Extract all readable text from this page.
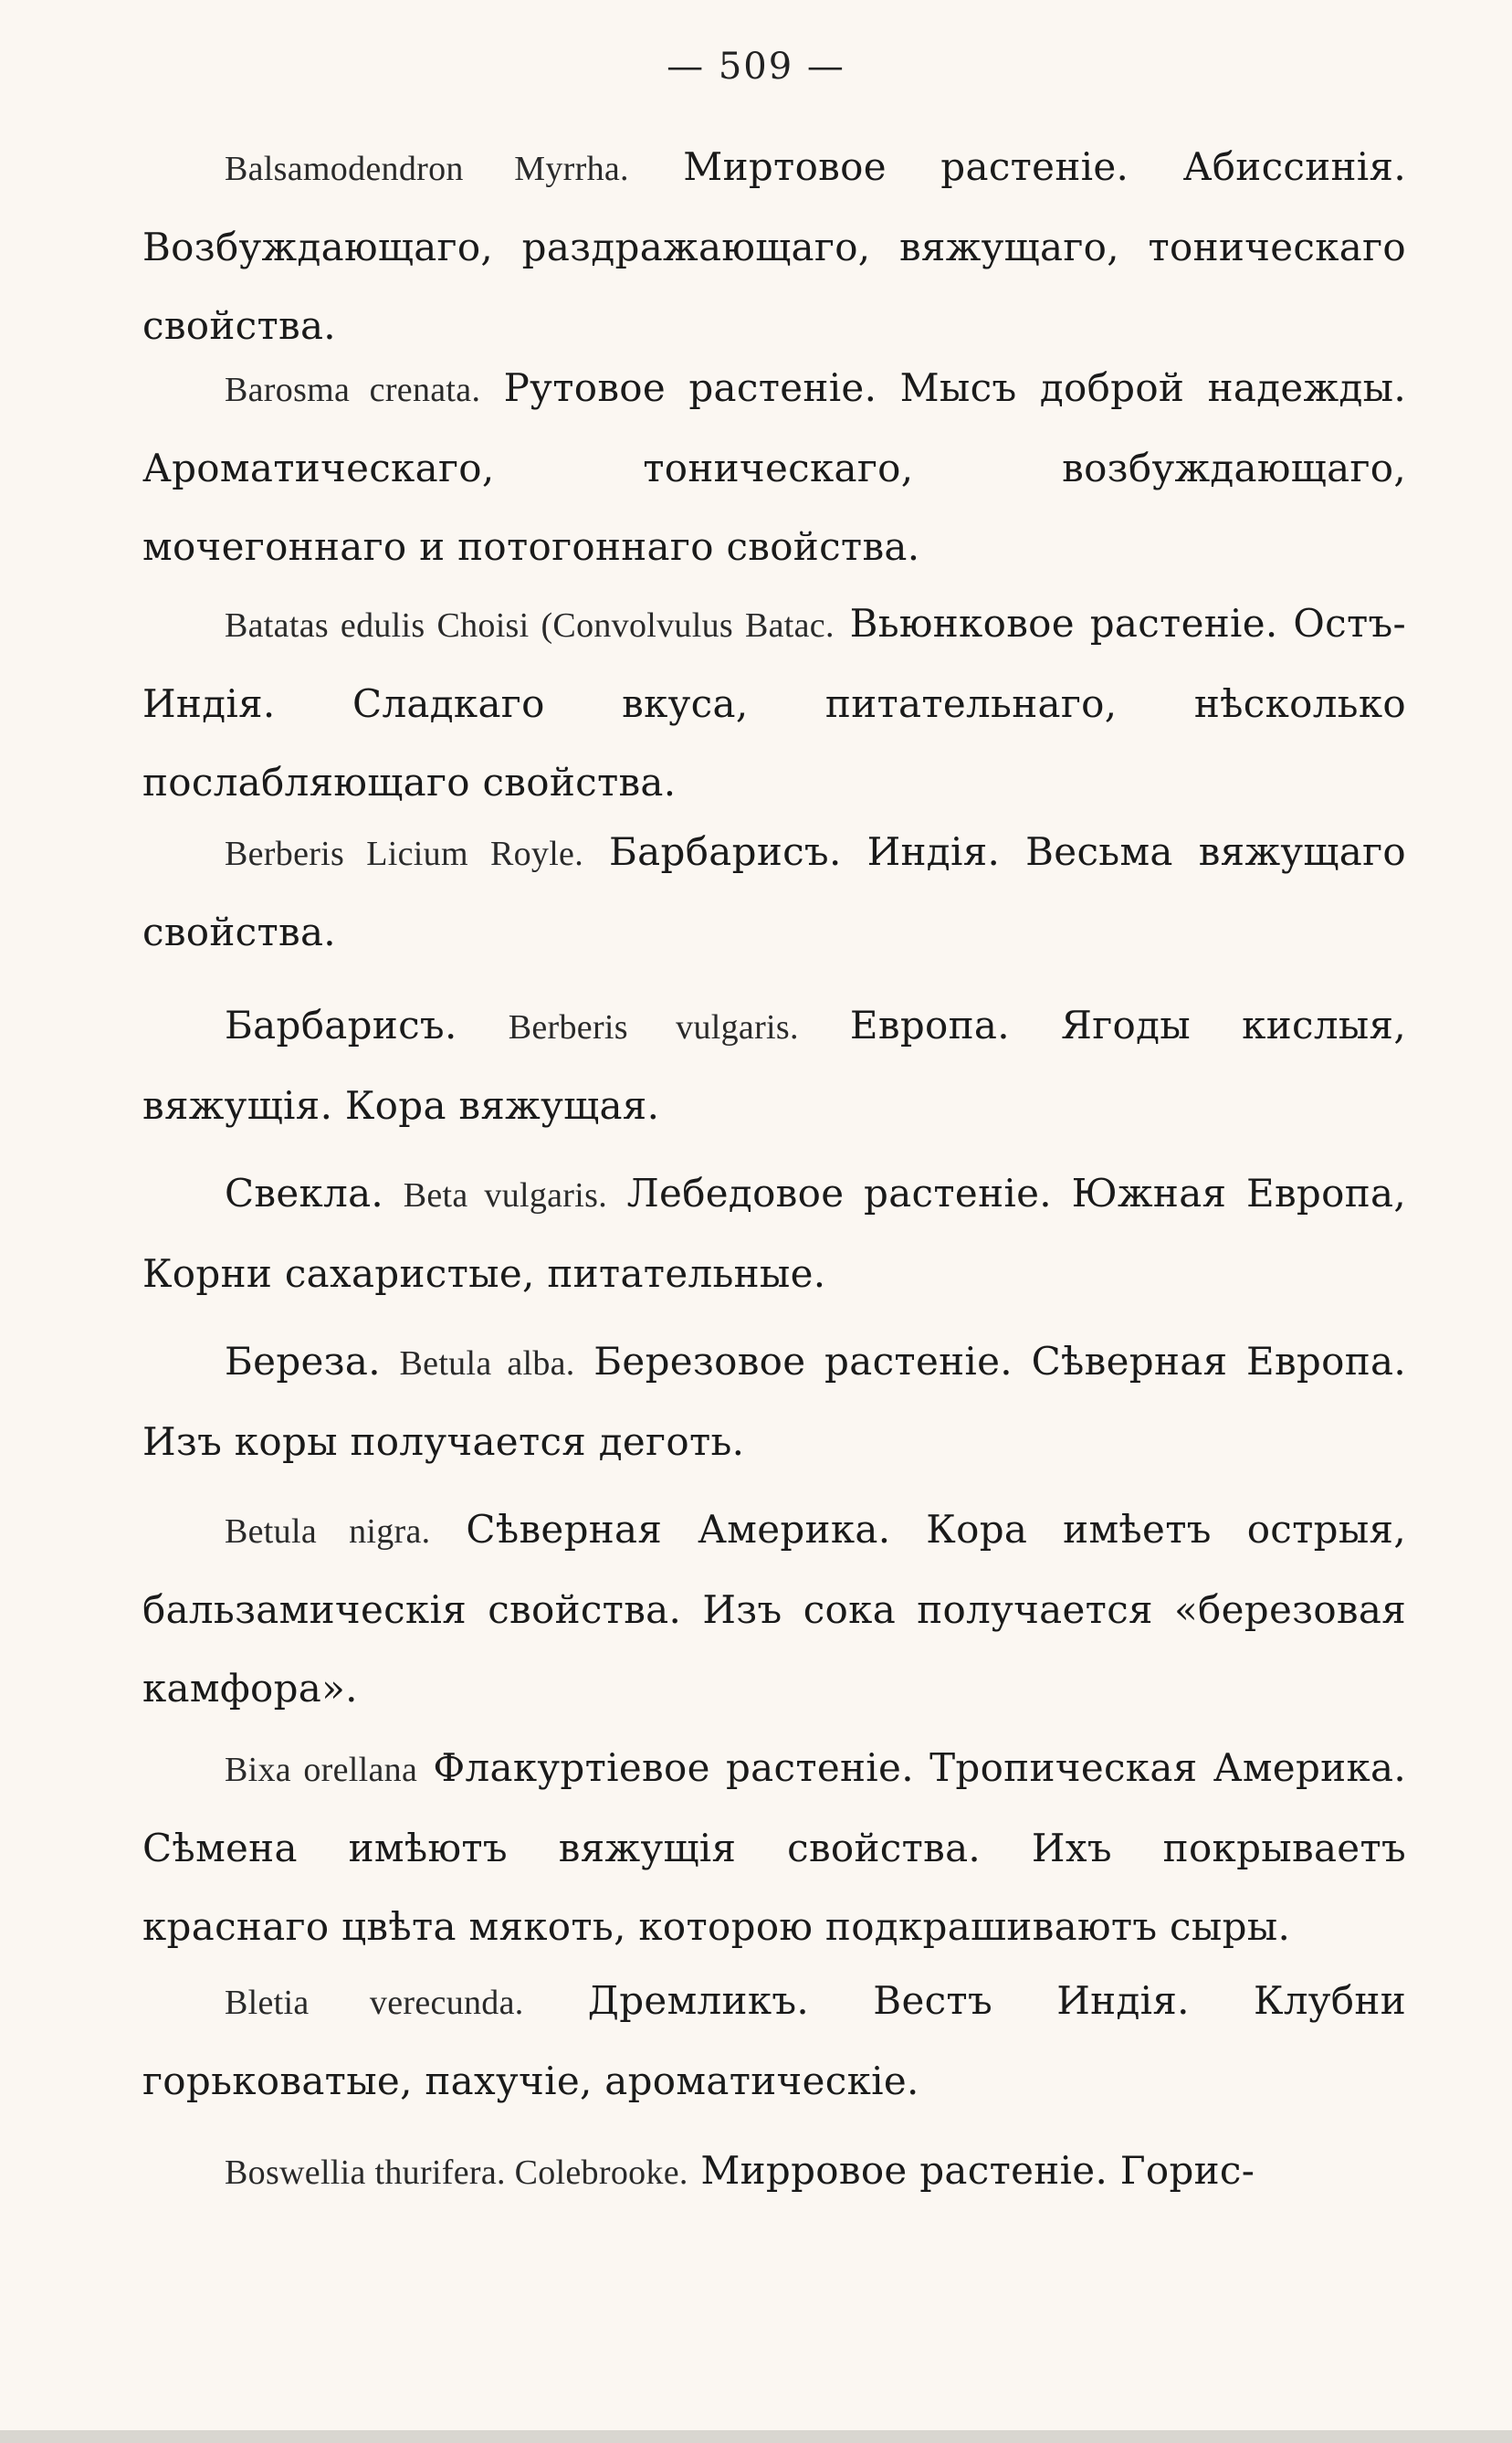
— 509 —

Balsamodendron Myrrha. Миртовое растеніе. Абиссинія. Возбуждающаго, раздражающаго, вяжущаго, тоническаго свойства.

Barosma crenata. Рутовое растеніе. Мысъ доброй надежды. Ароматическаго, тоническаго, возбуждающаго, мочегоннаго и потогоннаго свойства.

Batatas edulis Choisi (Convolvulus Batac. Вьюнковое растеніе. Остъ-Индія. Сладкаго вкуса, питательнаго, нѣсколько послабляющаго свойства.

Berberis Licium Royle. Барбарисъ. Индія. Весьма вяжущаго свойства.

Барбарисъ. Berberis vulgaris. Европа. Ягоды кислыя, вяжущія. Кора вяжущая.

Свекла. Beta vulgaris. Лебедовое растеніе. Южная Европа, Корни сахаристые, питательные.

Береза. Betula alba. Березовое растеніе. Сѣверная Европа. Изъ коры получается деготь.

Betula nigra. Сѣверная Америка. Кора имѣетъ острыя, бальзамическія свойства. Изъ сока получается «березовая камфора».

Bixa orellana Флакуртіевое растеніе. Тропическая Америка. Сѣмена имѣютъ вяжущія свойства. Ихъ покрываетъ краснаго цвѣта мякоть, которою подкрашиваютъ сыры.

Bletia verecunda. Дремликъ. Вестъ Индія. Клубни горьковатые, пахучіе, ароматическіе.

Boswellia thurifera. Colebrooke. Мирровое растеніе. Горис-
